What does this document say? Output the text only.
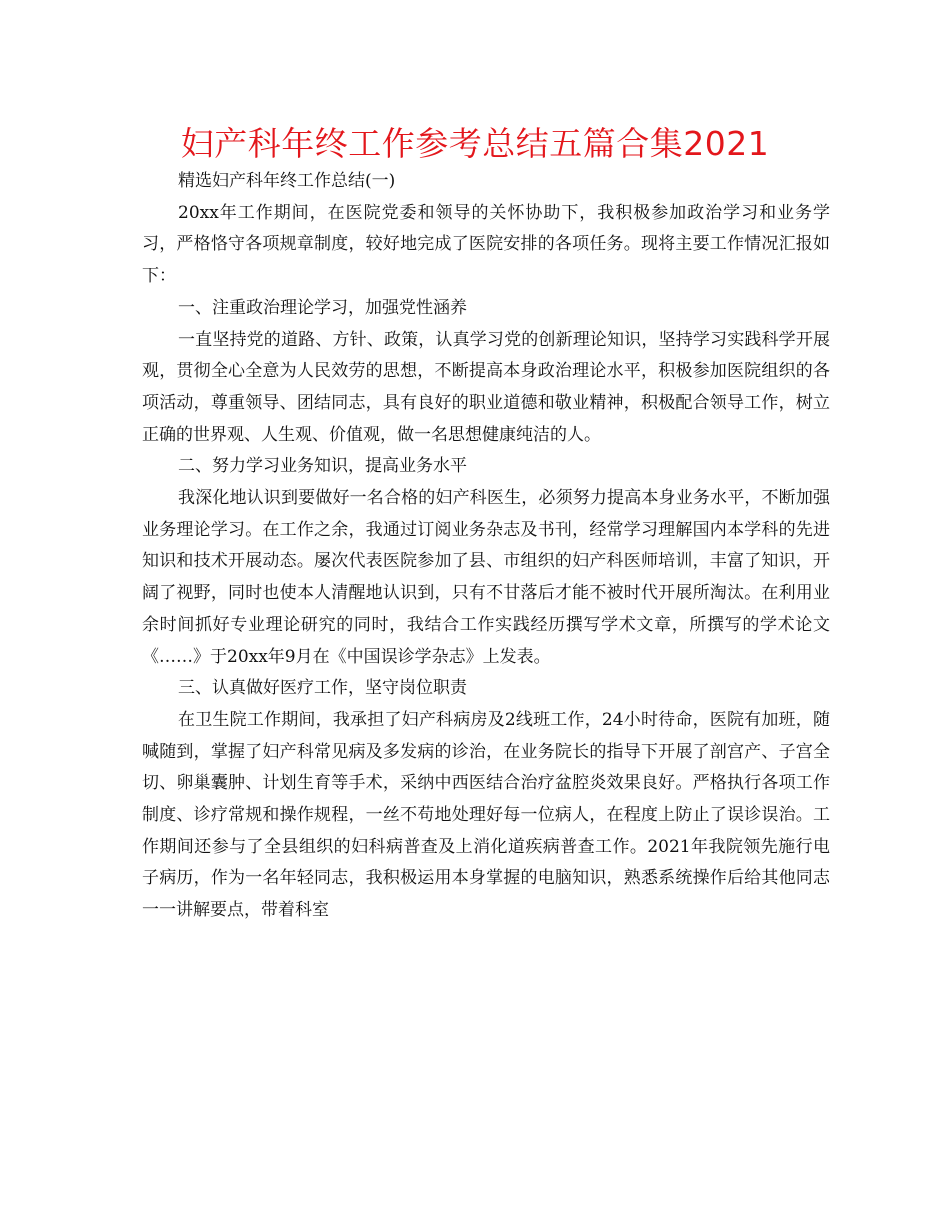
妇产科年终工作参考总结五篇合集2021

精选妇产科年终工作总结(一)

20xx年工作期间，在医院党委和领导的关怀协助下，我积极参加政治学习和业务学习，严格恪守各项规章制度，较好地完成了医院安排的各项任务。现将主要工作情况汇报如下：

一、注重政治理论学习，加强党性涵养

一直坚持党的道路、方针、政策，认真学习党的创新理论知识，坚持学习实践科学开展观，贯彻全心全意为人民效劳的思想，不断提高本身政治理论水平，积极参加医院组织的各项活动，尊重领导、团结同志，具有良好的职业道德和敬业精神，积极配合领导工作，树立正确的世界观、人生观、价值观，做一名思想健康纯洁的人。

二、努力学习业务知识，提高业务水平

我深化地认识到要做好一名合格的妇产科医生，必须努力提高本身业务水平，不断加强业务理论学习。在工作之余，我通过订阅业务杂志及书刊，经常学习理解国内本学科的先进知识和技术开展动态。屡次代表医院参加了县、市组织的妇产科医师培训，丰富了知识，开阔了视野，同时也使本人清醒地认识到，只有不甘落后才能不被时代开展所淘汰。在利用业余时间抓好专业理论研究的同时，我结合工作实践经历撰写学术文章，所撰写的学术论文《……》于20xx年9月在《中国误诊学杂志》上发表。

三、认真做好医疗工作，坚守岗位职责

在卫生院工作期间，我承担了妇产科病房及2线班工作，24小时待命，医院有加班，随喊随到，掌握了妇产科常见病及多发病的诊治，在业务院长的指导下开展了剖宫产、子宫全切、卵巢囊肿、计划生育等手术，采纳中西医结合治疗盆腔炎效果良好。严格执行各项工作制度、诊疗常规和操作规程，一丝不苟地处理好每一位病人，在程度上防止了误诊误治。工作期间还参与了全县组织的妇科病普查及上消化道疾病普查工作。2021年我院领先施行电子病历，作为一名年轻同志，我积极运用本身掌握的电脑知识，熟悉系统操作后给其他同志一一讲解要点，带着科室
